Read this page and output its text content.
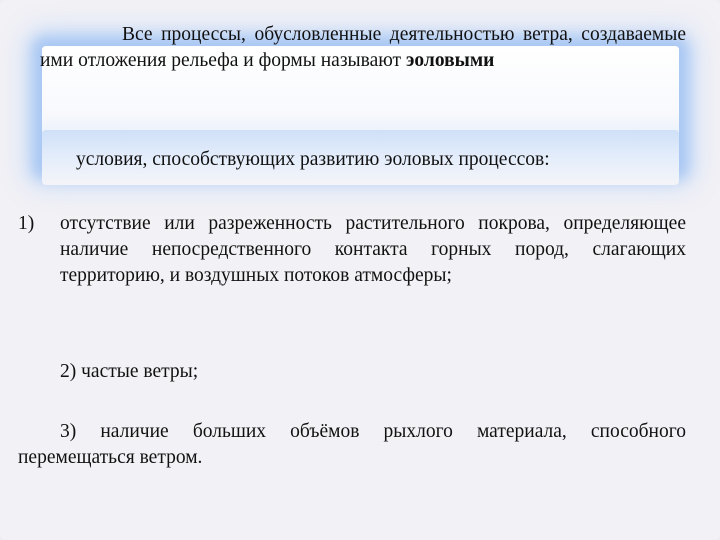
Все процессы, обусловленные деятельностью ветра, создаваемые ими отложения рельефа и формы называют эоловыми
условия, способствующих развитию эоловых процессов:
1) отсутствие или разреженность растительного покрова, определяющее наличие непосредственного контакта горных пород, слагающих территорию, и воздушных потоков атмосферы;
2) частые ветры;
3) наличие больших объёмов рыхлого материала, способного перемещаться ветром.
